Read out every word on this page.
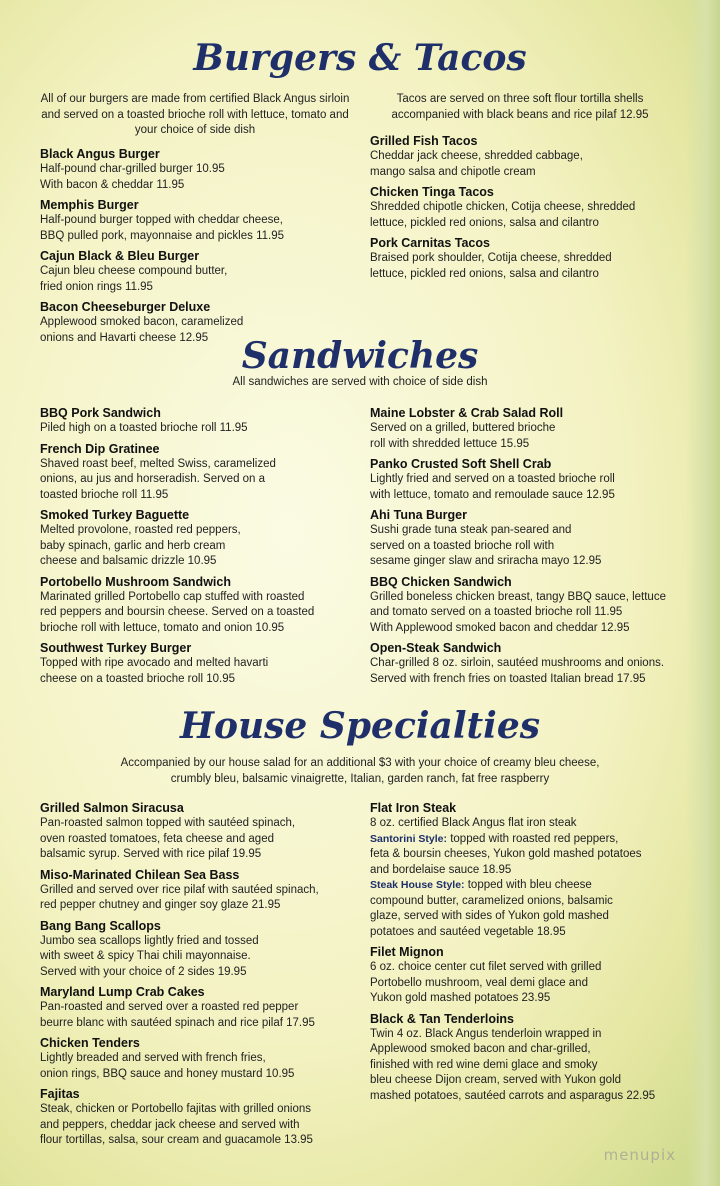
Burgers & Tacos

All of our burgers are made from certified Black Angus sirloin and served on a toasted brioche roll with lettuce, tomato and your choice of side dish

Tacos are served on three soft flour tortilla shells accompanied with black beans and rice pilaf 12.95

Black Angus Burger
Half-pound char-grilled burger 10.95
With bacon & cheddar 11.95
Memphis Burger
Half-pound burger topped with cheddar cheese,
BBQ pulled pork, mayonnaise and pickles 11.95
Cajun Black & Bleu Burger
Cajun bleu cheese compound butter,
fried onion rings 11.95
Bacon Cheeseburger Deluxe
Applewood smoked bacon, caramelized
onions and Havarti cheese 12.95
Grilled Fish Tacos
Cheddar jack cheese, shredded cabbage,
mango salsa and chipotle cream
Chicken Tinga Tacos
Shredded chipotle chicken, Cotija cheese, shredded
lettuce, pickled red onions, salsa and cilantro
Pork Carnitas Tacos
Braised pork shoulder, Cotija cheese, shredded
lettuce, pickled red onions, salsa and cilantro
Sandwiches

All sandwiches are served with choice of side dish

BBQ Pork Sandwich
Piled high on a toasted brioche roll 11.95
French Dip Gratinee
Shaved roast beef, melted Swiss, caramelized
onions, au jus and horseradish. Served on a
toasted brioche roll 11.95
Smoked Turkey Baguette
Melted provolone, roasted red peppers,
baby spinach, garlic and herb cream
cheese and balsamic drizzle 10.95
Portobello Mushroom Sandwich
Marinated grilled Portobello cap stuffed with roasted
red peppers and boursin cheese. Served on a toasted
brioche roll with lettuce, tomato and onion 10.95
Southwest Turkey Burger
Topped with ripe avocado and melted havarti
cheese on a toasted brioche roll 10.95
Maine Lobster & Crab Salad Roll
Served on a grilled, buttered brioche
roll with shredded lettuce 15.95
Panko Crusted Soft Shell Crab
Lightly fried and served on a toasted brioche roll
with lettuce, tomato and remoulade sauce 12.95
Ahi Tuna Burger
Sushi grade tuna steak pan-seared and
served on a toasted brioche roll with
sesame ginger slaw and sriracha mayo 12.95
BBQ Chicken Sandwich
Grilled boneless chicken breast, tangy BBQ sauce, lettuce
and tomato served on a toasted brioche roll 11.95
With Applewood smoked bacon and cheddar 12.95
Open-Steak Sandwich
Char-grilled 8 oz. sirloin, sautéed mushrooms and onions.
Served with french fries on toasted Italian bread 17.95
House Specialties

Accompanied by our house salad for an additional $3 with your choice of creamy bleu cheese,
crumbly bleu, balsamic vinaigrette, Italian, garden ranch, fat free raspberry

Grilled Salmon Siracusa
Pan-roasted salmon topped with sautéed spinach,
oven roasted tomatoes, feta cheese and aged
balsamic syrup. Served with rice pilaf 19.95
Miso-Marinated Chilean Sea Bass
Grilled and served over rice pilaf with sautéed spinach,
red pepper chutney and ginger soy glaze 21.95
Bang Bang Scallops
Jumbo sea scallops lightly fried and tossed
with sweet & spicy Thai chili mayonnaise.
Served with your choice of 2 sides 19.95
Maryland Lump Crab Cakes
Pan-roasted and served over a roasted red pepper
beurre blanc with sautéed spinach and rice pilaf 17.95
Chicken Tenders
Lightly breaded and served with french fries,
onion rings, BBQ sauce and honey mustard 10.95
Fajitas
Steak, chicken or Portobello fajitas with grilled onions
and peppers, cheddar jack cheese and served with
flour tortillas, salsa, sour cream and guacamole 13.95
Flat Iron Steak
8 oz. certified Black Angus flat iron steak
Santorini Style: topped with roasted red peppers,
feta & boursin cheeses, Yukon gold mashed potatoes
and bordelaise sauce 18.95
Steak House Style: topped with bleu cheese
compound butter, caramelized onions, balsamic
glaze, served with sides of Yukon gold mashed
potatoes and sautéed vegetable 18.95
Filet Mignon
6 oz. choice center cut filet served with grilled
Portobello mushroom, veal demi glace and
Yukon gold mashed potatoes 23.95
Black & Tan Tenderloins
Twin 4 oz. Black Angus tenderloin wrapped in
Applewood smoked bacon and char-grilled,
finished with red wine demi glace and smoky
bleu cheese Dijon cream, served with Yukon gold
mashed potatoes, sautéed carrots and asparagus 22.95
menupix
